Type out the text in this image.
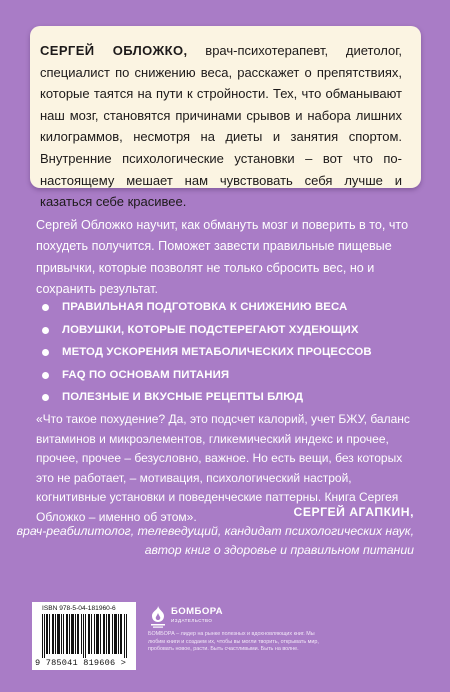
СЕРГЕЙ ОБЛОЖКО, врач-психотерапевт, диетолог, специалист по снижению веса, расскажет о препятствиях, которые таятся на пути к стройности. Тех, что обманывают наш мозг, становятся причинами срывов и набора лишних килограммов, несмотря на диеты и занятия спортом. Внутренние психологические установки – вот что по-настоящему мешает нам чувствовать себя лучше и казаться себе красивее.

Сергей Обложко научит, как обмануть мозг и поверить в то, что похудеть получится. Поможет завести правильные пищевые привычки, которые позволят не только сбросить вес, но и сохранить результат.

ПРАВИЛЬНАЯ ПОДГОТОВКА К СНИЖЕНИЮ ВЕСА
ЛОВУШКИ, КОТОРЫЕ ПОДСТЕРЕГАЮТ ХУДЕЮЩИХ
МЕТОД УСКОРЕНИЯ МЕТАБОЛИЧЕСКИХ ПРОЦЕССОВ
FAQ ПО ОСНОВАМ ПИТАНИЯ
ПОЛЕЗНЫЕ И ВКУСНЫЕ РЕЦЕПТЫ БЛЮД

«Что такое похудение? Да, это подсчет калорий, учет БЖУ, баланс витаминов и микроэлементов, гликемический индекс и прочее, прочее, прочее – безусловно, важное. Но есть вещи, без которых это не работает, – мотивация, психологический настрой, когнитивные установки и поведенческие паттерны. Книга Сергея Обложко – именно об этом».	СЕРГЕЙ АГАПКИН,

врач-реабилитолог, телеведущий, кандидат психологических наук, автор книг о здоровье и правильном питании

ISBN 978-5-04-181960-6
9 785041 819606 >
БОМБОРА
ИЗДАТЕЛЬСТВО

БОМБОРА – лидер на рынке полезных и вдохновляющих книг. Мы любим книги и создаем их, чтобы вы могли творить, открывать мир, пробовать новое, расти. Быть счастливыми. Быть на волне.
